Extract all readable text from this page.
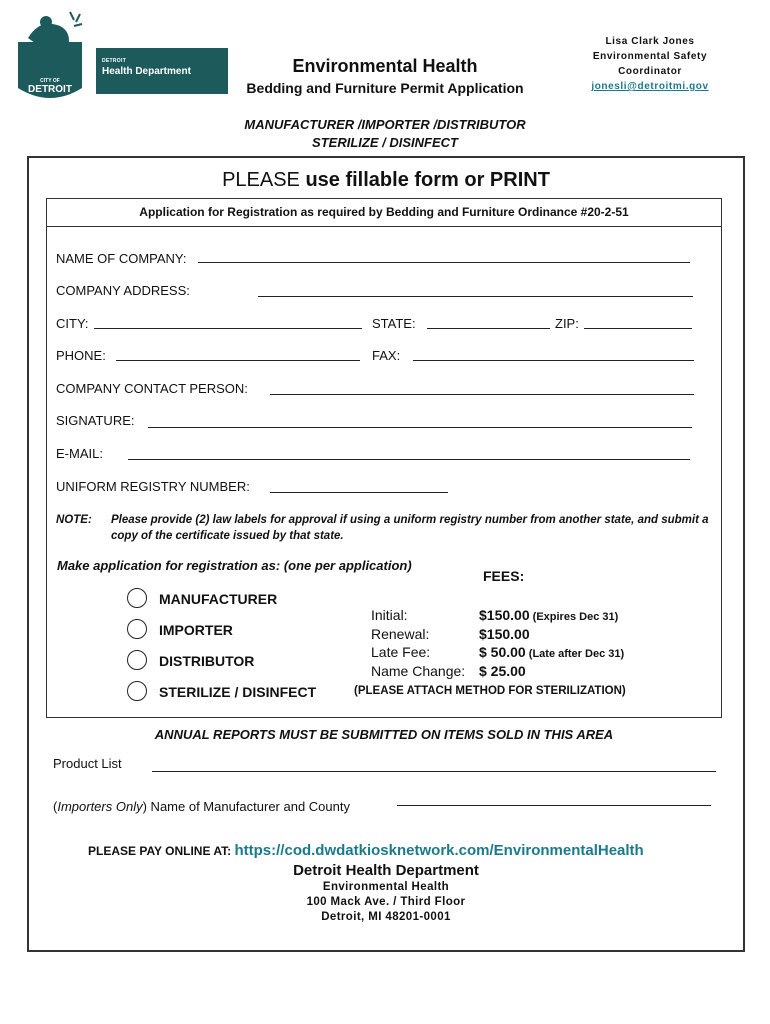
CITY OF
DETROIT
DETROIT
Health Department	Environmental Health
Bedding and Furniture Permit Application
Lisa Clark Jones
Environmental Safety
Coordinator
jonesli@detroitmi.gov
MANUFACTURER /IMPORTER /DISTRIBUTOR
STERILIZE / DISINFECT
PLEASE use fillable form or PRINT
Application for Registration as required by Bedding and Furniture Ordinance #20-2-51
NAME OF COMPANY:
COMPANY ADDRESS:
CITY:	STATE:	ZIP:
PHONE:	FAX:
COMPANY CONTACT PERSON:
SIGNATURE:
E-MAIL:
UNIFORM REGISTRY NUMBER:
NOTE: Please provide (2) law labels for approval if using a uniform registry number from another state, and submit a copy of the certificate issued by that state.
Make application for registration as: (one per application)
MANUFACTURER
IMPORTER
DISTRIBUTOR
STERILIZE / DISINFECT
FEES:
Initial:	$150.00 (Expires Dec 31)
Renewal:	$150.00
Late Fee:	$ 50.00 (Late after Dec 31)
Name Change: $ 25.00
(PLEASE ATTACH METHOD FOR STERILIZATION)
ANNUAL REPORTS MUST BE SUBMITTED ON ITEMS SOLD IN THIS AREA
Product List
(Importers Only) Name of Manufacturer and County
PLEASE PAY ONLINE AT: https://cod.dwdatkiosknetwork.com/EnvironmentalHealth
Detroit Health Department
Environmental Health
100 Mack Ave. / Third Floor
Detroit, MI 48201-0001
